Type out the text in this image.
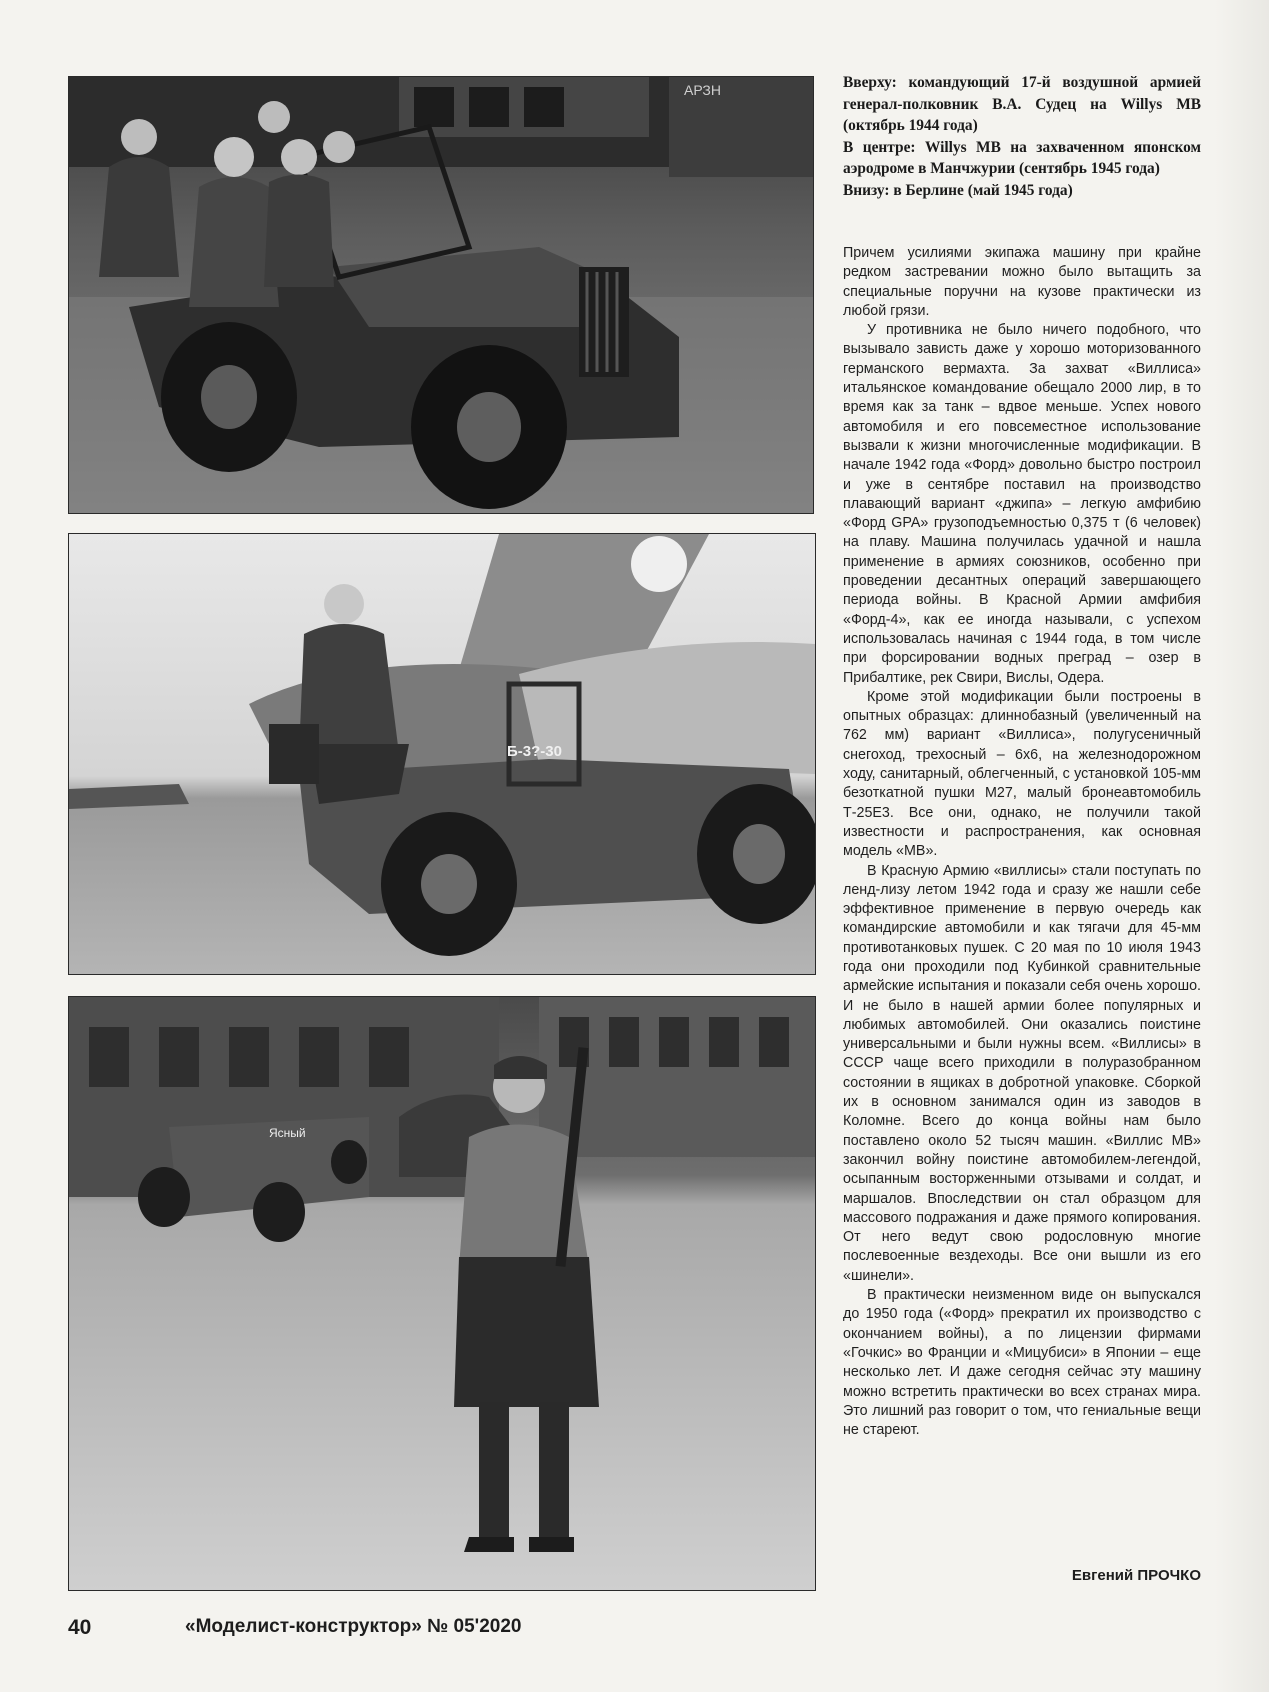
АРЗН
Б-3?-30
Ясный

Вверху: командующий 17-й воздушной армией генерал-полковник В.А. Судец на Willys MB (октябрь 1944 года)

В центре: Willys MB на захваченном японском аэродроме в Манчжурии (сентябрь 1945 года)

Внизу: в Берлине (май 1945 года)

Причем усилиями экипажа машину при крайне редком застревании можно было вытащить за специальные поручни на кузове практически из любой грязи.

У противника не было ничего подобного, что вызывало зависть даже у хорошо моторизованного германского вермахта. За захват «Виллиса» итальянское командование обещало 2000 лир, в то время как за танк – вдвое меньше. Успех нового автомобиля и его повсеместное использование вызвали к жизни многочисленные модификации. В начале 1942 года «Форд» довольно быстро построил и уже в сентябре поставил на производство плавающий вариант «джипа» – легкую амфибию «Форд GPA» грузоподъемностью 0,375 т (6 человек) на плаву. Машина получилась удачной и нашла применение в армиях союзников, особенно при проведении десантных операций завершающего периода войны. В Красной Армии амфибия «Форд-4», как ее иногда называли, с успехом использовалась начиная с 1944 года, в том числе при форсировании водных преград – озер в Прибалтике, рек Свири, Вислы, Одера.

Кроме этой модификации были построены в опытных образцах: длиннобазный (увеличенный на 762 мм) вариант «Виллиса», полугусеничный снегоход, трехосный – 6х6, на железнодорожном ходу, санитарный, облегченный, с установкой 105-мм безоткатной пушки М27, малый бронеавтомобиль Т-25Е3. Все они, однако, не получили такой известности и распространения, как основная модель «МВ».

В Красную Армию «виллисы» стали поступать по ленд-лизу летом 1942 года и сразу же нашли себе эффективное применение в первую очередь как командирские автомобили и как тягачи для 45-мм противотанковых пушек. С 20 мая по 10 июля 1943 года они проходили под Кубинкой сравнительные армейские испытания и показали себя очень хорошо. И не было в нашей армии более популярных и любимых автомобилей. Они оказались поистине универсальными и были нужны всем. «Виллисы» в СССР чаще всего приходили в полуразобранном состоянии в ящиках в добротной упаковке. Сборкой их в основном занимался один из заводов в Коломне. Всего до конца войны нам было поставлено около 52 тысяч машин. «Виллис МВ» закончил войну поистине автомобилем-легендой, осыпанным восторженными отзывами и солдат, и маршалов. Впоследствии он стал образцом для массового подражания и даже прямого копирования. От него ведут свою родословную многие послевоенные вездеходы. Все они вышли из его «шинели».

В практически неизменном виде он выпускался до 1950 года («Форд» прекратил их производство с окончанием войны), а по лицензии фирмами «Гочкис» во Франции и «Мицубиси» в Японии – еще несколько лет. И даже сегодня сейчас эту машину можно встретить практически во всех странах мира. Это лишний раз говорит о том, что гениальные вещи не стареют.

Евгений ПРОЧКО
40	«Моделист-конструктор» № 05'2020
